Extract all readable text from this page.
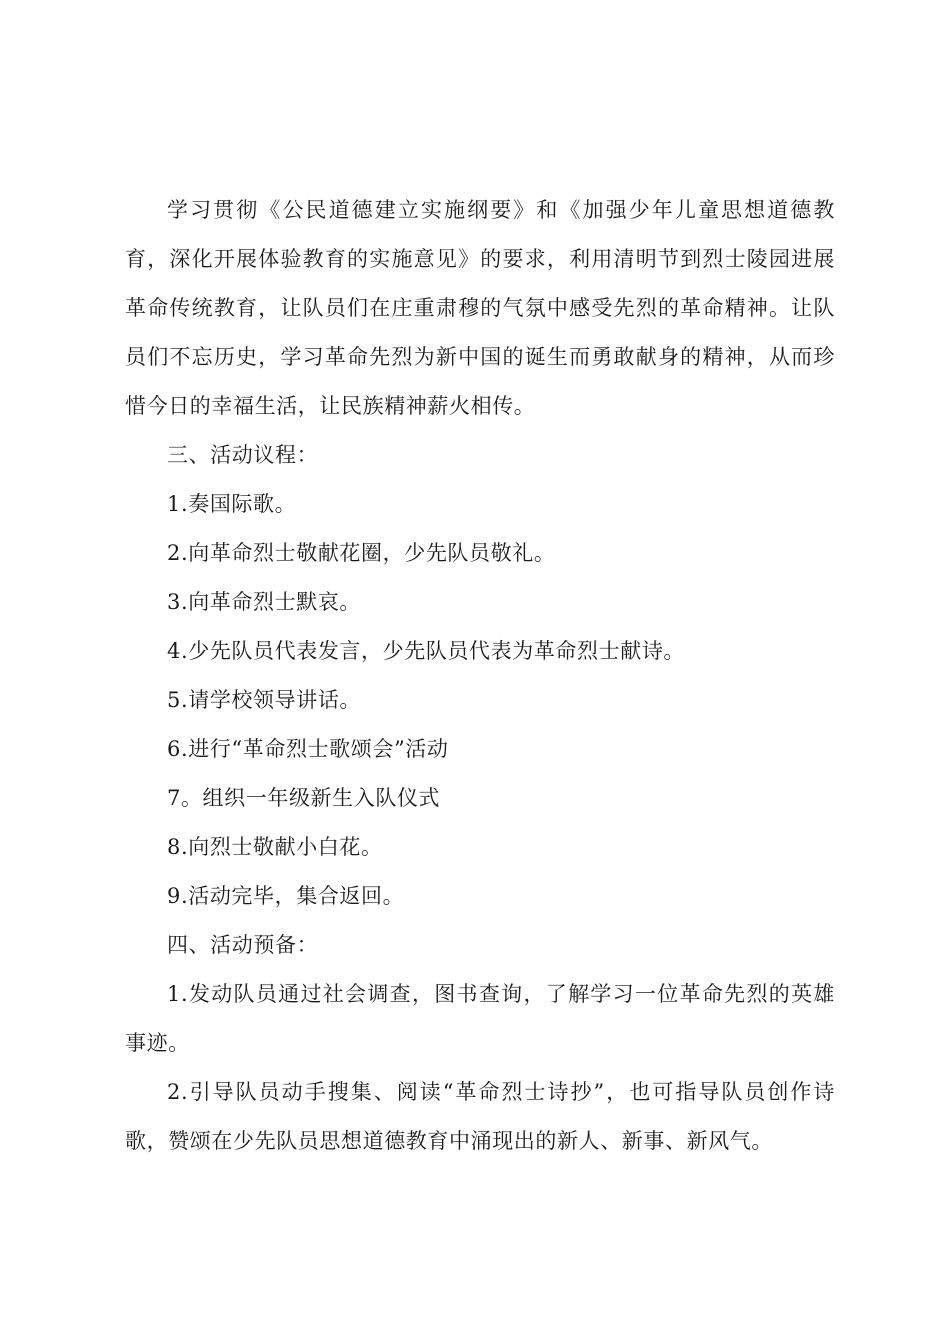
学习贯彻《公民道德建立实施纲要》和《加强少年儿童思想道德教育，深化开展体验教育的实施意见》的要求，利用清明节到烈士陵园进展革命传统教育，让队员们在庄重肃穆的气氛中感受先烈的革命精神。让队员们不忘历史，学习革命先烈为新中国的诞生而勇敢献身的精神，从而珍惜今日的幸福生活，让民族精神薪火相传。

三、活动议程：

1.奏国际歌。

2.向革命烈士敬献花圈，少先队员敬礼。

3.向革命烈士默哀。

4.少先队员代表发言，少先队员代表为革命烈士献诗。

5.请学校领导讲话。

6.进行“革命烈士歌颂会”活动

7。组织一年级新生入队仪式

8.向烈士敬献小白花。

9.活动完毕，集合返回。

四、活动预备：

1.发动队员通过社会调查，图书查询，了解学习一位革命先烈的英雄事迹。

2.引导队员动手搜集、阅读“革命烈士诗抄”，也可指导队员创作诗歌，赞颂在少先队员思想道德教育中涌现出的新人、新事、新风气。
